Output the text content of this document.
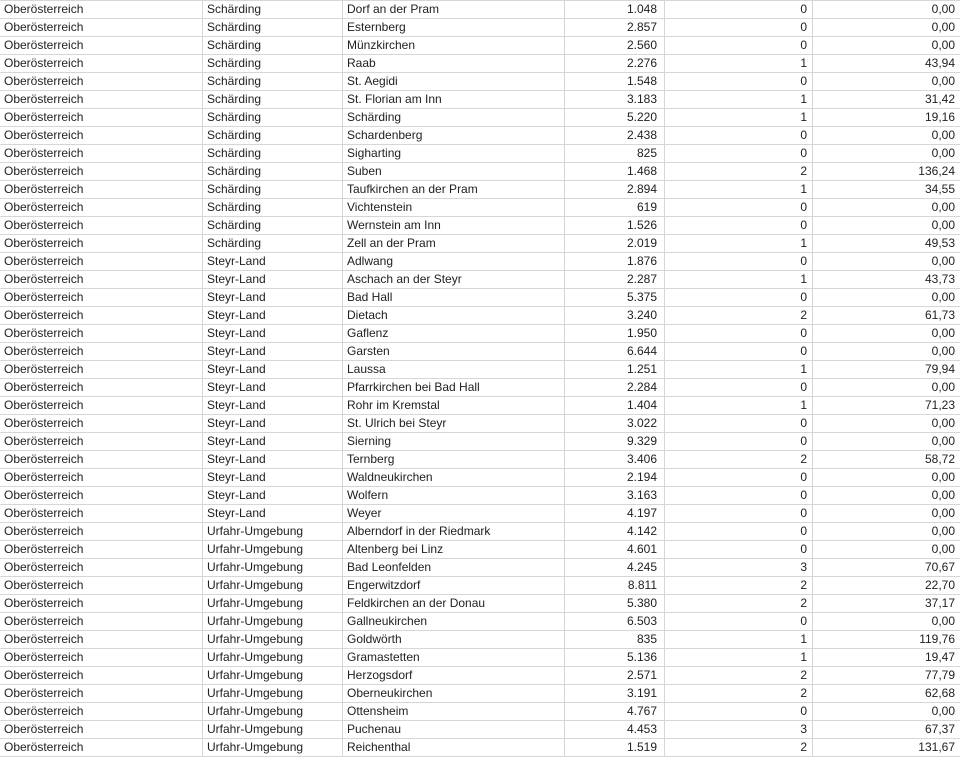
Oberösterreich	Schärding	Dorf an der Pram	1.048	0	0,00
Oberösterreich	Schärding	Esternberg	2.857	0	0,00
Oberösterreich	Schärding	Münzkirchen	2.560	0	0,00
Oberösterreich	Schärding	Raab	2.276	1	43,94
Oberösterreich	Schärding	St. Aegidi	1.548	0	0,00
Oberösterreich	Schärding	St. Florian am Inn	3.183	1	31,42
Oberösterreich	Schärding	Schärding	5.220	1	19,16
Oberösterreich	Schärding	Schardenberg	2.438	0	0,00
Oberösterreich	Schärding	Sigharting	825	0	0,00
Oberösterreich	Schärding	Suben	1.468	2	136,24
Oberösterreich	Schärding	Taufkirchen an der Pram	2.894	1	34,55
Oberösterreich	Schärding	Vichtenstein	619	0	0,00
Oberösterreich	Schärding	Wernstein am Inn	1.526	0	0,00
Oberösterreich	Schärding	Zell an der Pram	2.019	1	49,53
Oberösterreich	Steyr-Land	Adlwang	1.876	0	0,00
Oberösterreich	Steyr-Land	Aschach an der Steyr	2.287	1	43,73
Oberösterreich	Steyr-Land	Bad Hall	5.375	0	0,00
Oberösterreich	Steyr-Land	Dietach	3.240	2	61,73
Oberösterreich	Steyr-Land	Gaflenz	1.950	0	0,00
Oberösterreich	Steyr-Land	Garsten	6.644	0	0,00
Oberösterreich	Steyr-Land	Laussa	1.251	1	79,94
Oberösterreich	Steyr-Land	Pfarrkirchen bei Bad Hall	2.284	0	0,00
Oberösterreich	Steyr-Land	Rohr im Kremstal	1.404	1	71,23
Oberösterreich	Steyr-Land	St. Ulrich bei Steyr	3.022	0	0,00
Oberösterreich	Steyr-Land	Sierning	9.329	0	0,00
Oberösterreich	Steyr-Land	Ternberg	3.406	2	58,72
Oberösterreich	Steyr-Land	Waldneukirchen	2.194	0	0,00
Oberösterreich	Steyr-Land	Wolfern	3.163	0	0,00
Oberösterreich	Steyr-Land	Weyer	4.197	0	0,00
Oberösterreich	Urfahr-Umgebung	Alberndorf in der Riedmark	4.142	0	0,00
Oberösterreich	Urfahr-Umgebung	Altenberg bei Linz	4.601	0	0,00
Oberösterreich	Urfahr-Umgebung	Bad Leonfelden	4.245	3	70,67
Oberösterreich	Urfahr-Umgebung	Engerwitzdorf	8.811	2	22,70
Oberösterreich	Urfahr-Umgebung	Feldkirchen an der Donau	5.380	2	37,17
Oberösterreich	Urfahr-Umgebung	Gallneukirchen	6.503	0	0,00
Oberösterreich	Urfahr-Umgebung	Goldwörth	835	1	119,76
Oberösterreich	Urfahr-Umgebung	Gramastetten	5.136	1	19,47
Oberösterreich	Urfahr-Umgebung	Herzogsdorf	2.571	2	77,79
Oberösterreich	Urfahr-Umgebung	Oberneukirchen	3.191	2	62,68
Oberösterreich	Urfahr-Umgebung	Ottensheim	4.767	0	0,00
Oberösterreich	Urfahr-Umgebung	Puchenau	4.453	3	67,37
Oberösterreich	Urfahr-Umgebung	Reichenthal	1.519	2	131,67
